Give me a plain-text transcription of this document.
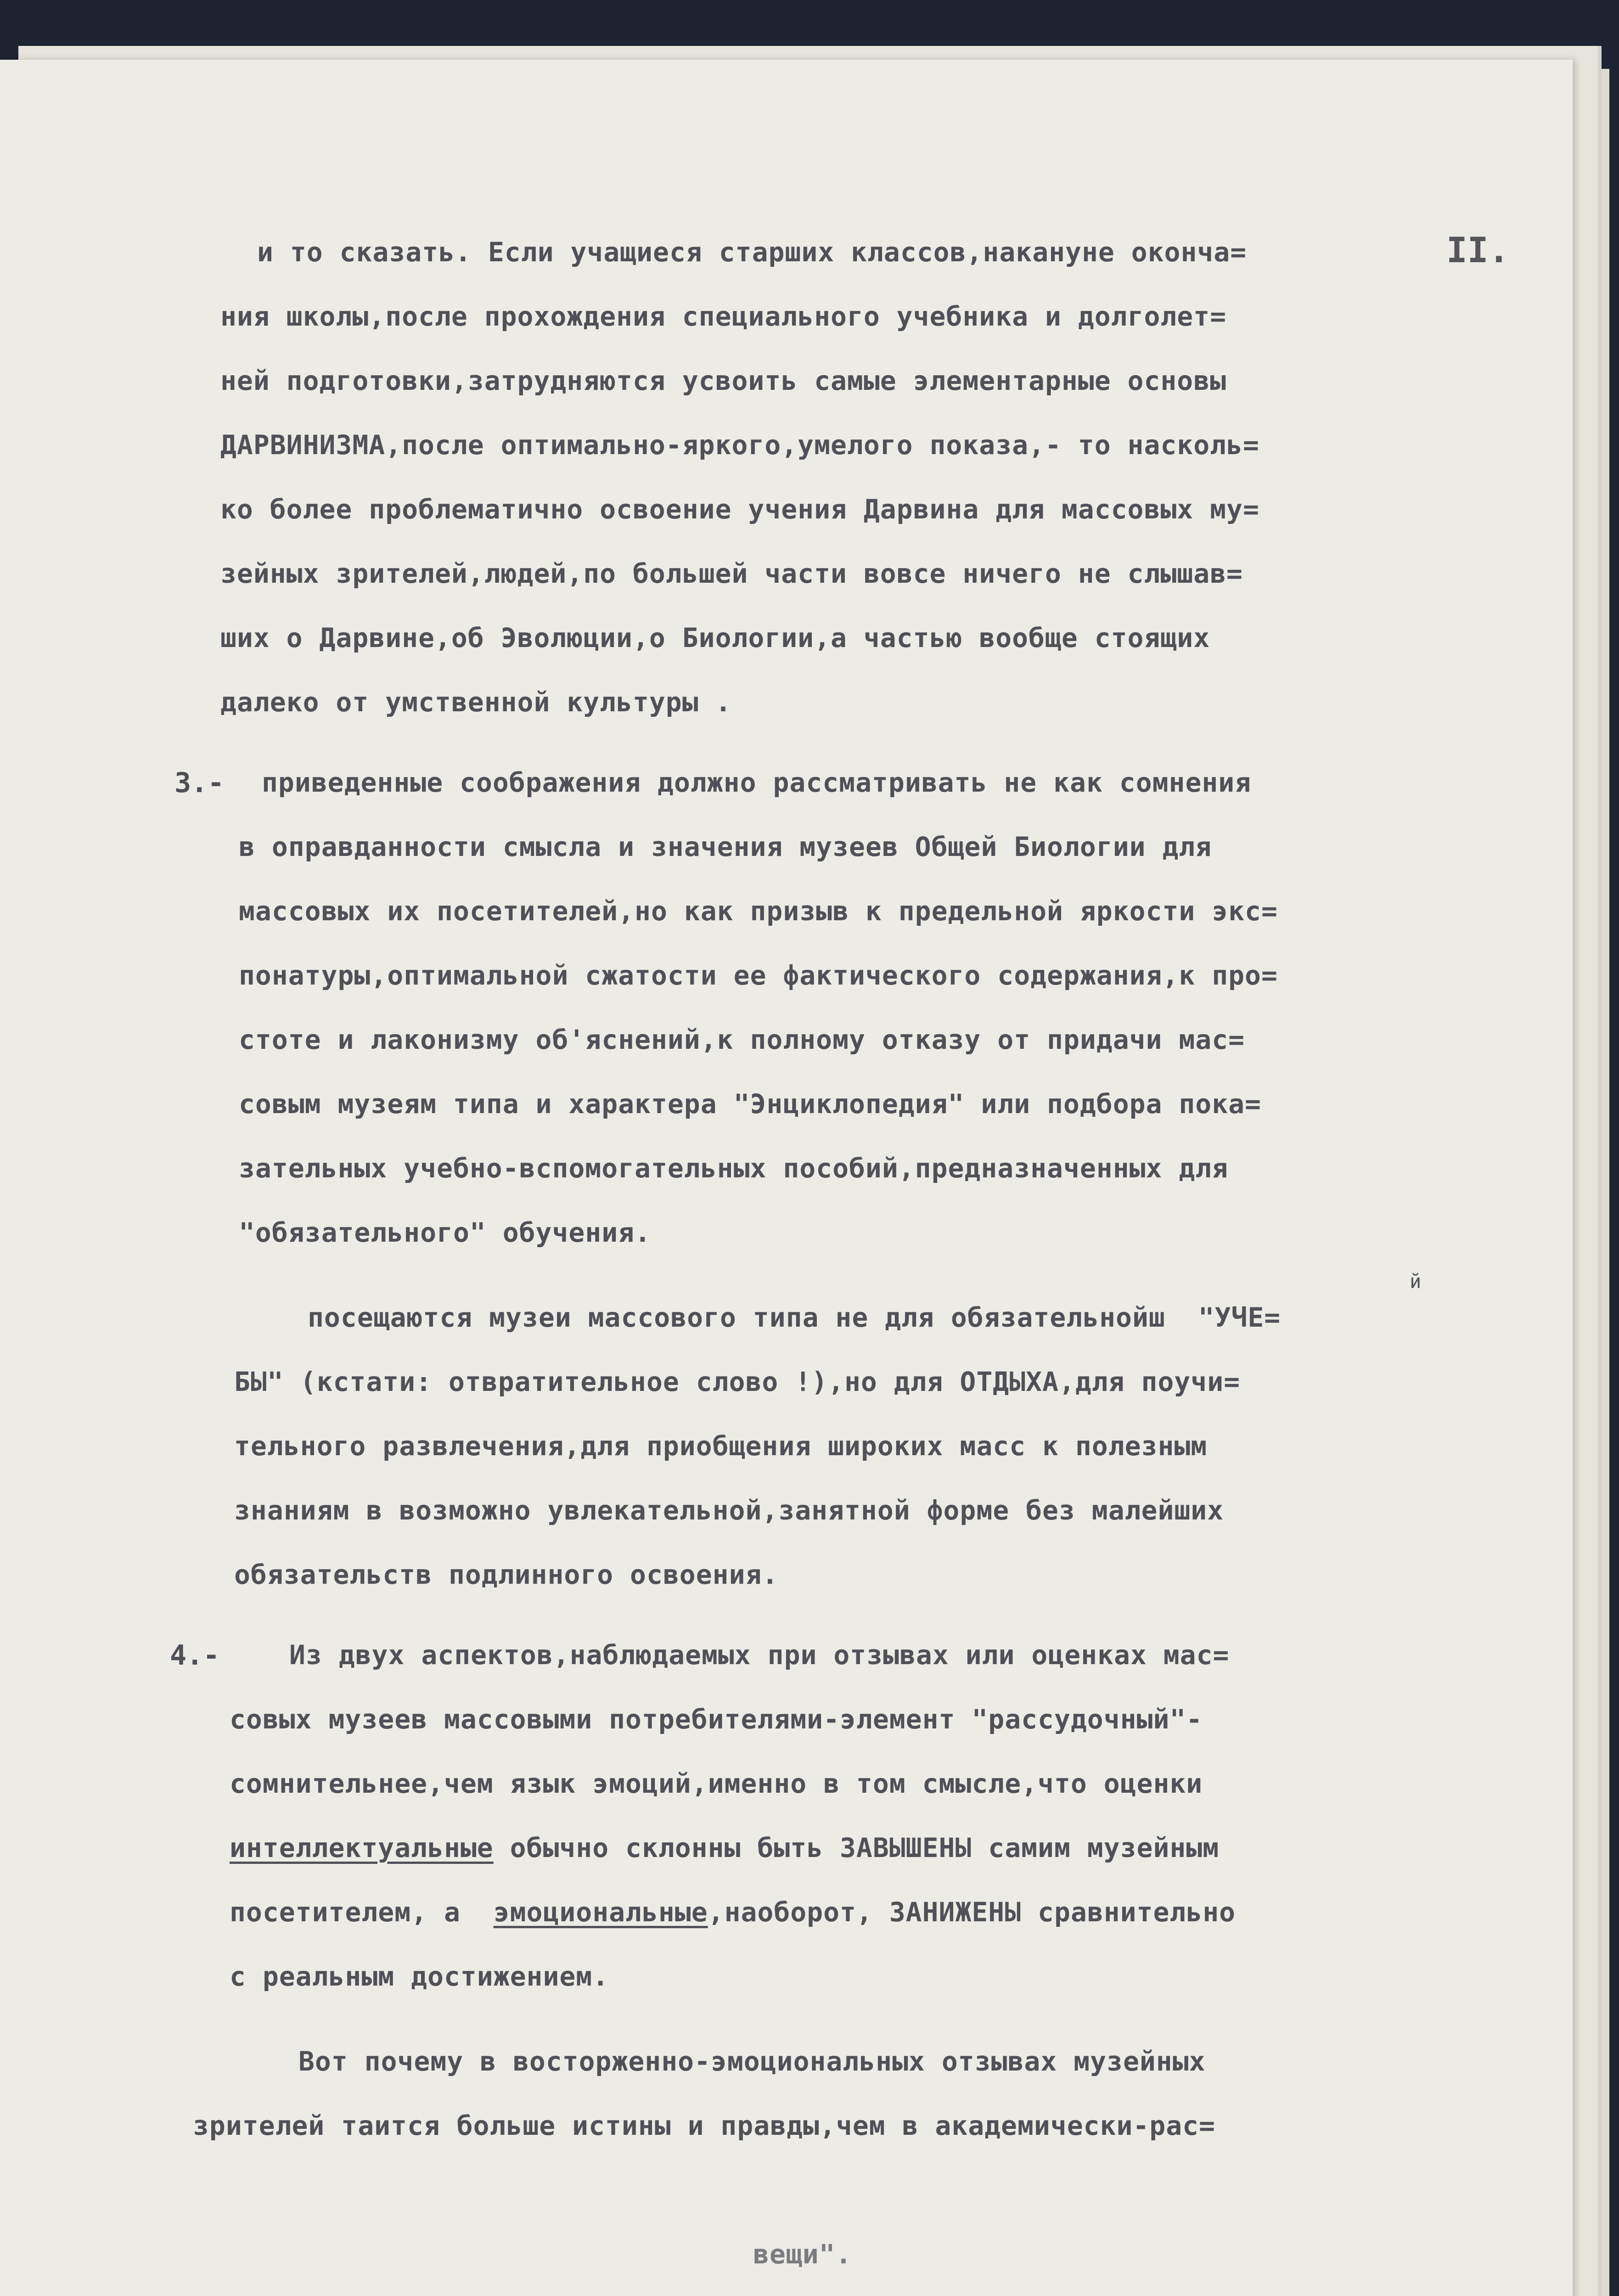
II.
и то сказать. Если учащиеся старших классов,накануне оконча=
ния школы,после прохождения специального учебника и долголет=
ней подготовки,затрудняются усвоить самые элементарные основы
ДАРВИНИЗМА,после оптимально-яркого,умелого показа,- то насколь=
ко более проблематично освоение учения Дарвина для массовых му=
зейных зрителей,людей,по большей части вовсе ничего не слышав=
ших о Дарвине,об Эволюции,о Биологии,а частью вообще стоящих
далеко от умственной культуры .
3.- приведенные соображения должно рассматривать не как сомнения
в оправданности смысла и значения музеев Общей Биологии для
массовых их посетителей,но как призыв к предельной яркости экс=
понатуры,оптимальной сжатости ее фактического содержания,к про=
стоте и лаконизму об'яснений,к полному отказу от придачи мас=
совым музеям типа и характера "Энциклопедия" или подбора пока=
зательных учебно-вспомогательных пособий,предназначенных для
"обязательного" обучения.
й
посещаются музеи массового типа не для обязательнойш  "УЧЕ=
БЫ" (кстати: отвратительное слово !),но для ОТДЫХА,для поучи=
тельного развлечения,для приобщения широких масс к полезным
знаниям в возможно увлекательной,занятной форме без малейших
обязательств подлинного освоения.
4.-	Из двух аспектов,наблюдаемых при отзывах или оценках мас=
совых музеев массовыми потребителями-элемент "рассудочный"-
сомнительнее,чем язык эмоций,именно в том смысле,что оценки
интеллектуальные обычно склонны быть ЗАВЫШЕНЫ самим музейным
посетителем, а  эмоциональные,наоборот, ЗАНИЖЕНЫ сравнительно
с реальным достижением.
Вот почему в восторженно-эмоциональных отзывах музейных
зрителей таится больше истины и правды,чем в академически-рас=
вещи".
